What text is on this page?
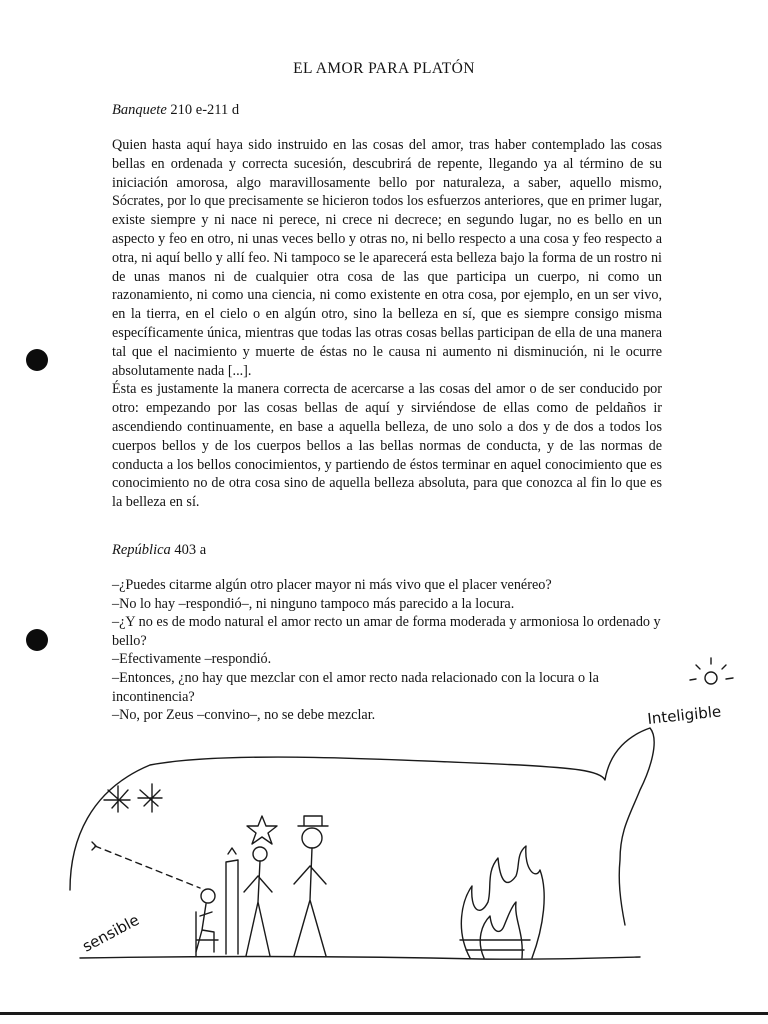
EL AMOR PARA PLATÓN
Banquete 210 e-211 d

Quien hasta aquí haya sido instruido en las cosas del amor, tras haber contemplado las cosas bellas en ordenada y correcta sucesión, descubrirá de repente, llegando ya al término de su iniciación amorosa, algo maravillosamente bello por naturaleza, a saber, aquello mismo, Sócrates, por lo que precisamente se hicieron todos los esfuerzos anteriores, que en primer lugar, existe siempre y ni nace ni perece, ni crece ni decrece; en segundo lugar, no es bello en un aspecto y feo en otro, ni unas veces bello y otras no, ni bello respecto a una cosa y feo respecto a otra, ni aquí bello y allí feo. Ni tampoco se le aparecerá esta belleza bajo la forma de un rostro ni de unas manos ni de cualquier otra cosa de las que participa un cuerpo, ni como un razonamiento, ni como una ciencia, ni como existente en otra cosa, por ejemplo, en un ser vivo, en la tierra, en el cielo o en algún otro, sino la belleza en sí, que es siempre consigo misma específicamente única, mientras que todas las otras cosas bellas participan de ella de una manera tal que el nacimiento y muerte de éstas no le causa ni aumento ni disminución, ni le ocurre absolutamente nada [...].

Ésta es justamente la manera correcta de acercarse a las cosas del amor o de ser conducido por otro: empezando por las cosas bellas de aquí y sirviéndose de ellas como de peldaños ir ascendiendo continuamente, en base a aquella belleza, de uno solo a dos y de dos a todos los cuerpos bellos y de los cuerpos bellos a las bellas normas de conducta, y de las normas de conducta a los bellos conocimientos, y partiendo de éstos terminar en aquel conocimiento que es conocimiento no de otra cosa sino de aquella belleza absoluta, para que conozca al fin lo que es la belleza en sí.

República 403 a
–¿Puedes citarme algún otro placer mayor ni más vivo que el placer venéreo?
–No lo hay –respondió–, ni ninguno tampoco más parecido a la locura.
–¿Y no es de modo natural el amor recto un amar de forma moderada y armoniosa lo ordenado y bello?
–Efectivamente –respondió.
–Entonces, ¿no hay que mezclar con el amor recto nada relacionado con la locura o la incontinencia?
–No, por Zeus –convino–, no se debe mezclar.	Inteligible
sensible
